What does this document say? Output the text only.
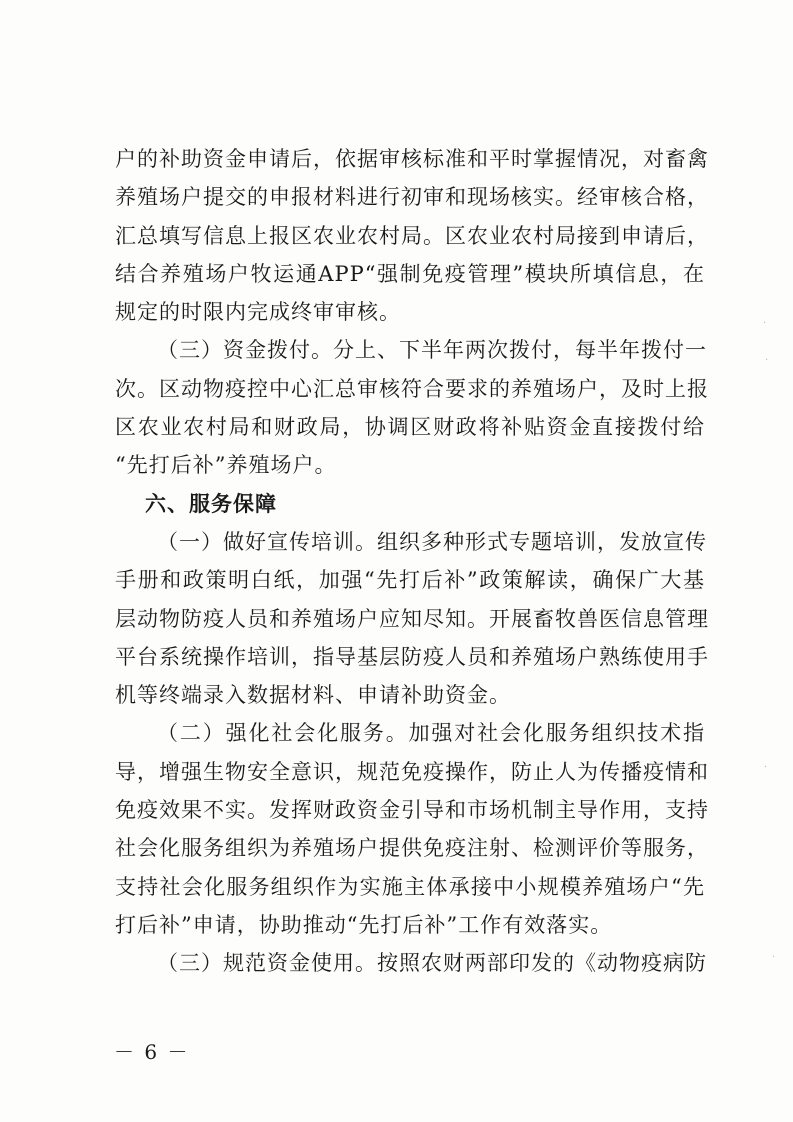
户的补助资金申请后，依据审核标准和平时掌握情况，对畜禽
养殖场户提交的申报材料进行初审和现场核实。经审核合格，
汇总填写信息上报区农业农村局。区农业农村局接到申请后，
结合养殖场户牧运通APP“强制免疫管理”模块所填信息，在
规定的时限内完成终审审核。
（三）资金拨付。分上、下半年两次拨付，每半年拨付一
次。区动物疫控中心汇总审核符合要求的养殖场户，及时上报
区农业农村局和财政局，协调区财政将补贴资金直接拨付给
“先打后补”养殖场户。
六、服务保障
（一）做好宣传培训。组织多种形式专题培训，发放宣传
手册和政策明白纸，加强“先打后补”政策解读，确保广大基
层动物防疫人员和养殖场户应知尽知。开展畜牧兽医信息管理
平台系统操作培训，指导基层防疫人员和养殖场户熟练使用手
机等终端录入数据材料、申请补助资金。
（二）强化社会化服务。加强对社会化服务组织技术指
导，增强生物安全意识，规范免疫操作，防止人为传播疫情和
免疫效果不实。发挥财政资金引导和市场机制主导作用，支持
社会化服务组织为养殖场户提供免疫注射、检测评价等服务，
支持社会化服务组织作为实施主体承接中小规模养殖场户“先
打后补”申请，协助推动“先打后补”工作有效落实。
（三）规范资金使用。按照农财两部印发的《动物疫病防
－ 6 －
·
·
·
·
